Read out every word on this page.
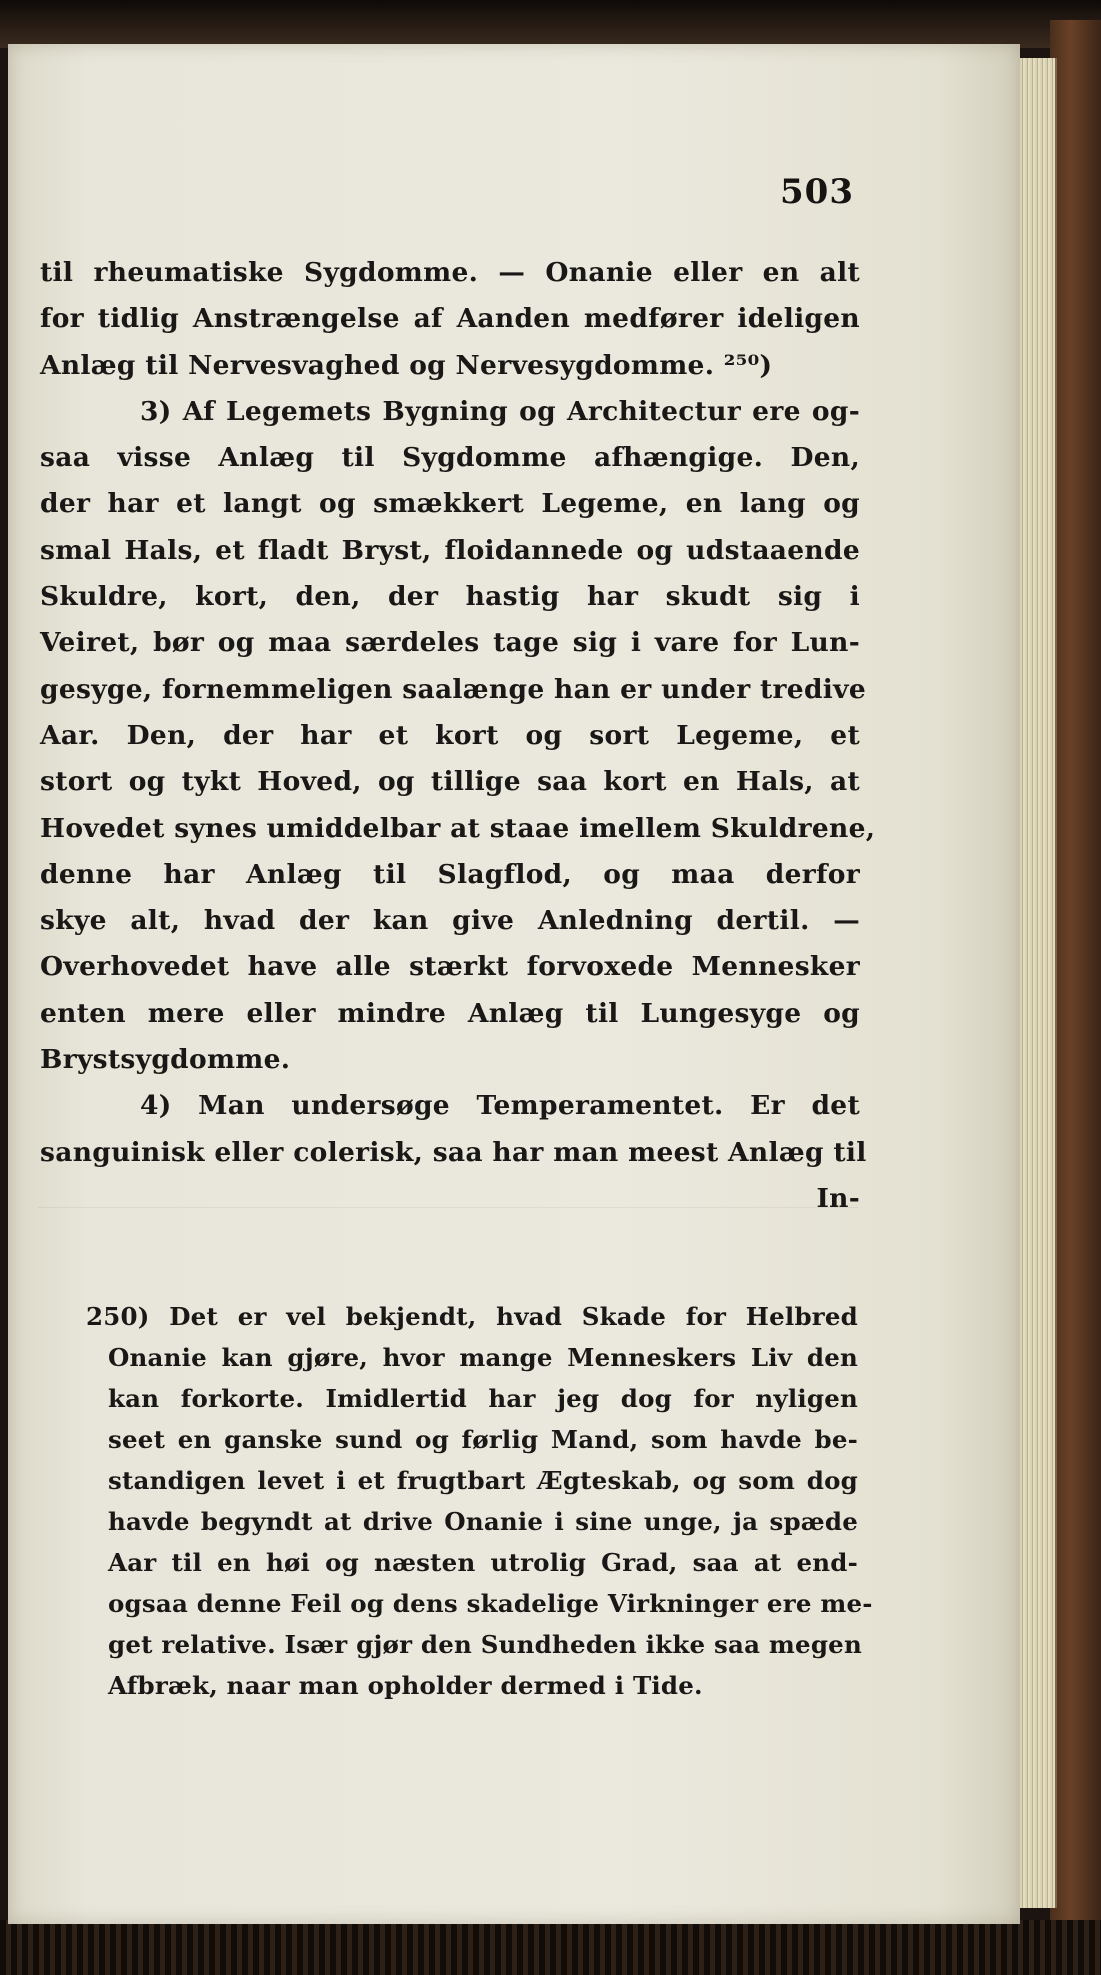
503
til rheumatiske Sygdomme. — Onanie eller en alt
for tidlig Anstrængelse af Aanden medfører ideligen
Anlæg til Nervesvaghed og Nervesygdomme. ²⁵⁰)
3) Af Legemets Bygning og Architectur ere og-
saa visse Anlæg til Sygdomme afhængige. Den,
der har et langt og smækkert Legeme, en lang og
smal Hals, et fladt Bryst, floidannede og udstaaende
Skuldre, kort, den, der hastig har skudt sig i
Veiret, bør og maa særdeles tage sig i vare for Lun-
gesyge, fornemmeligen saalænge han er under tredive
Aar. Den, der har et kort og sort Legeme, et
stort og tykt Hoved, og tillige saa kort en Hals, at
Hovedet synes umiddelbar at staae imellem Skuldrene,
denne har Anlæg til Slagflod, og maa derfor
skye alt, hvad der kan give Anledning dertil. —
Overhovedet have alle stærkt forvoxede Mennesker
enten mere eller mindre Anlæg til Lungesyge og
Brystsygdomme.
4) Man undersøge Temperamentet. Er det
sanguinisk eller colerisk, saa har man meest Anlæg til
In-
250) Det er vel bekjendt, hvad Skade for Helbred
Onanie kan gjøre, hvor mange Menneskers Liv den
kan forkorte. Imidlertid har jeg dog for nyligen
seet en ganske sund og førlig Mand, som havde be-
standigen levet i et frugtbart Ægteskab, og som dog
havde begyndt at drive Onanie i sine unge, ja spæde
Aar til en høi og næsten utrolig Grad, saa at end-
ogsaa denne Feil og dens skadelige Virkninger ere me-
get relative. Især gjør den Sundheden ikke saa megen
Afbræk, naar man opholder dermed i Tide.
